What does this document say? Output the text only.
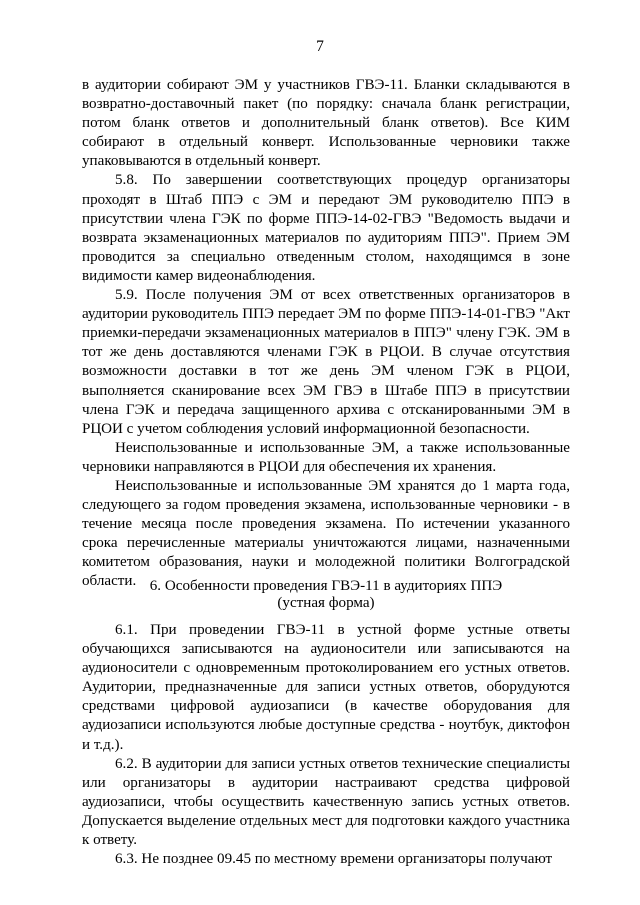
7

в аудитории собирают ЭМ у участников ГВЭ-11. Бланки складываются в возвратно-доставочный пакет (по порядку: сначала бланк регистрации, потом бланк ответов и дополнительный бланк ответов). Все КИМ собирают в отдельный конверт. Использованные черновики также упаковываются в отдельный конверт.

5.8. По завершении соответствующих процедур организаторы проходят в Штаб ППЭ с ЭМ и передают ЭМ руководителю ППЭ в присутствии члена ГЭК по форме ППЭ-14-02-ГВЭ "Ведомость выдачи и возврата экзаменационных материалов по аудиториям ППЭ". Прием ЭМ проводится за специально отведенным столом, находящимся в зоне видимости камер видеонаблюдения.

5.9. После получения ЭМ от всех ответственных организаторов в аудитории руководитель ППЭ передает ЭМ по форме ППЭ-14-01-ГВЭ "Акт приемки-передачи экзаменационных материалов в ППЭ" члену ГЭК. ЭМ в тот же день доставляются членами ГЭК в РЦОИ. В случае отсутствия возможности доставки в тот же день ЭМ членом ГЭК в РЦОИ, выполняется сканирование всех ЭМ ГВЭ в Штабе ППЭ в присутствии члена ГЭК и передача защищенного архива с отсканированными ЭМ в РЦОИ с учетом соблюдения условий информационной безопасности.

Неиспользованные и использованные ЭМ, а также использованные черновики направляются в РЦОИ для обеспечения их хранения.

Неиспользованные и использованные ЭМ хранятся до 1 марта года, следующего за годом проведения экзамена, использованные черновики - в течение месяца после проведения экзамена. По истечении указанного срока перечисленные материалы уничтожаются лицами, назначенными комитетом образования, науки и молодежной политики Волгоградской области. 6. Особенности проведения ГВЭ-11 в аудиториях ППЭ
(устная форма)

6.1. При проведении ГВЭ-11 в устной форме устные ответы обучающихся записываются на аудионосители или записываются на аудионосители с одновременным протоколированием его устных ответов. Аудитории, предназначенные для записи устных ответов, оборудуются средствами цифровой аудиозаписи (в качестве оборудования для аудиозаписи используются любые доступные средства - ноутбук, диктофон и т.д.).

6.2. В аудитории для записи устных ответов технические специалисты или организаторы в аудитории настраивают средства цифровой аудиозаписи, чтобы осуществить качественную запись устных ответов. Допускается выделение отдельных мест для подготовки каждого участника к ответу.

6.3. Не позднее 09.45 по местному времени организаторы получают
